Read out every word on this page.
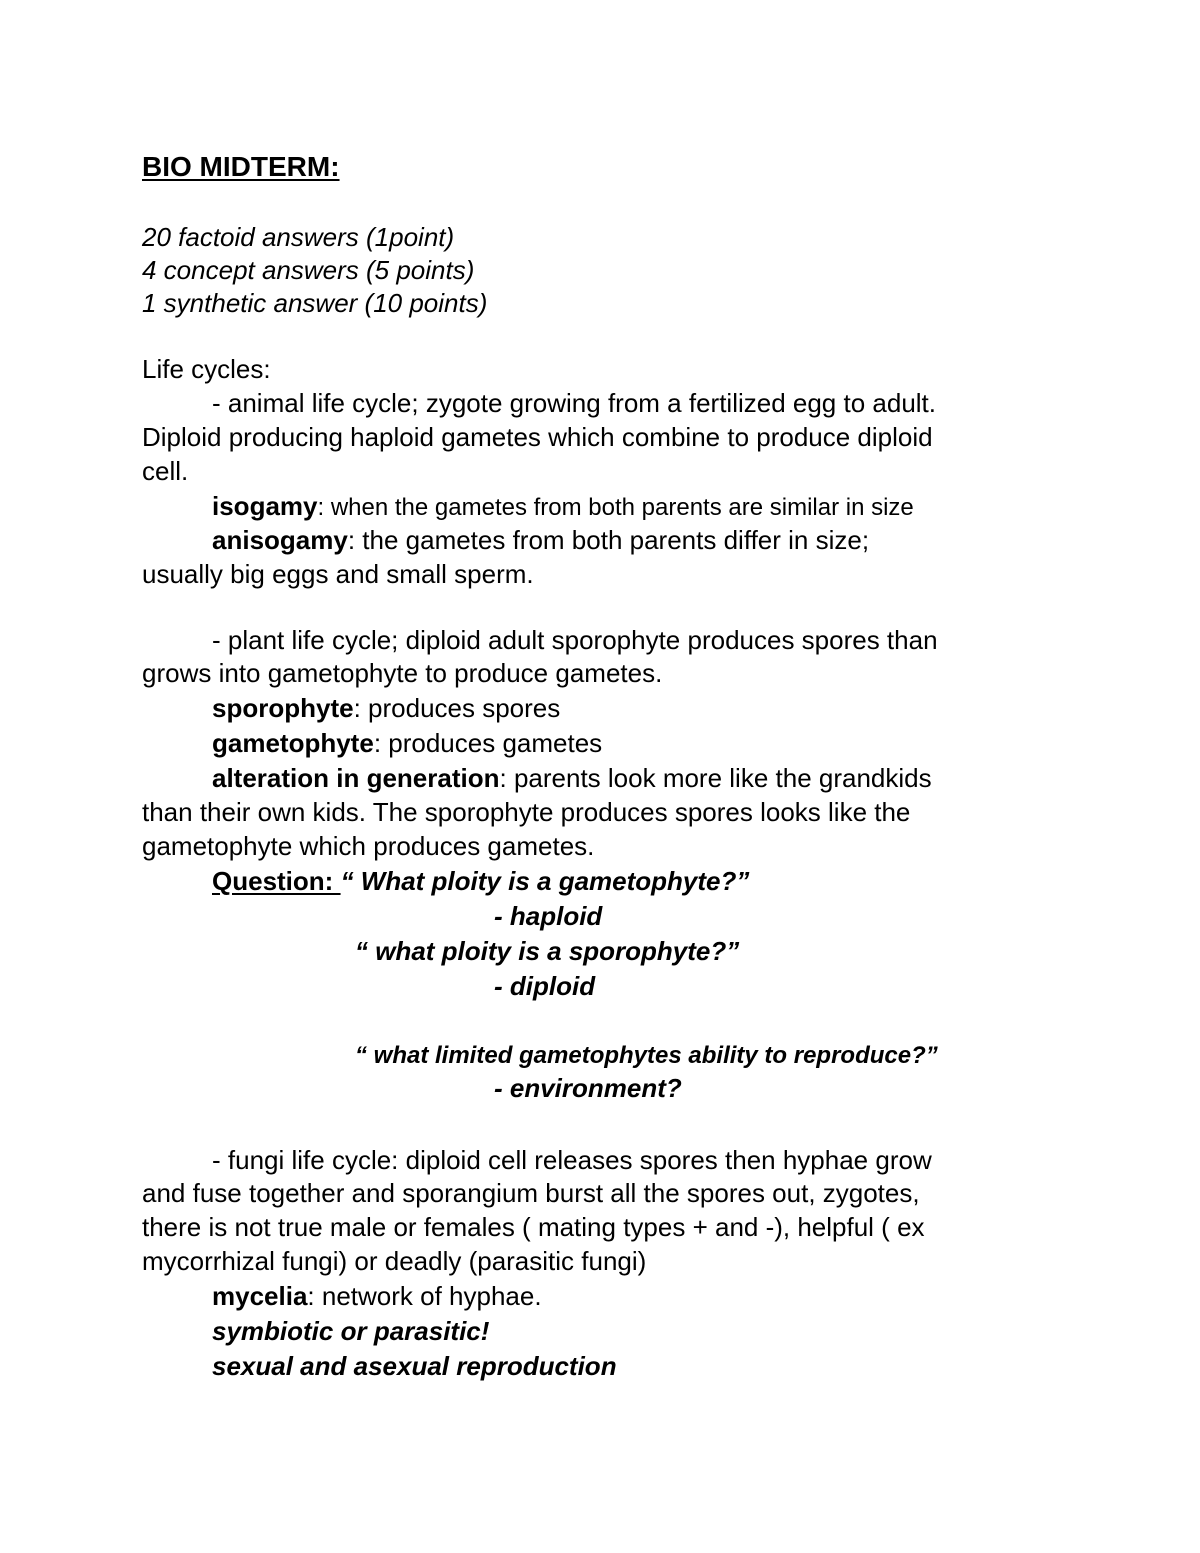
BIO MIDTERM:
20 factoid answers (1point)
4 concept answers (5 points)
1 synthetic answer (10 points)
Life cycles:
- animal life cycle; zygote growing from a fertilized egg to adult.
Diploid producing haploid gametes which combine to produce diploid
cell.
isogamy: when the gametes from both parents are similar in size
anisogamy: the gametes from both parents differ in size;
usually big eggs and small sperm.
- plant life cycle; diploid adult sporophyte produces spores than
grows into gametophyte to produce gametes.
sporophyte: produces spores
gametophyte: produces gametes
alteration in generation: parents look more like the grandkids
than their own kids. The sporophyte produces spores looks like the
gametophyte which produces gametes.
Question: “ What ploity is a gametophyte?”
- haploid
“ what ploity is a sporophyte?”
- diploid
“ what limited gametophytes ability to reproduce?”
- environment?
- fungi life cycle: diploid cell releases spores then hyphae grow
and fuse together and sporangium burst all the spores out, zygotes,
there is not true male or females ( mating types + and -), helpful ( ex
mycorrhizal fungi) or deadly (parasitic fungi)
mycelia: network of hyphae.
symbiotic or parasitic!
sexual and asexual reproduction
